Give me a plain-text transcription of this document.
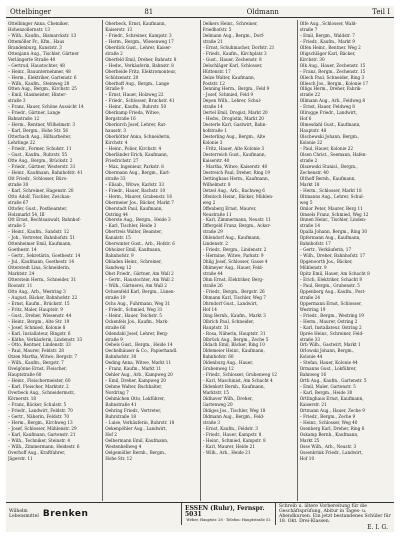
Ottelbinger	81	Oldmann	Teil I

Ottelbinger Anna, Chemiker,

Hohenzollernstr. 13

– Wilh., Kaufm., Bismarckstr. 13

Ottemöller Fr., Kfm., Haus

Brandenburg, Kunststr. 3

Ottenjann Aug., Tischler, Gärtner

Verlängerte Straße 40

– Gertrud, Haustochter, 48

– Heinr., Bauunternehmer, 48

– Herm., Elektriker, Gartenstr. 6

– Wilh., Kaufm., Steinweg 28

Otten Aug., Bergm., Kirchstr. 25

– Emil, Glasmeister, Hinter-

straße 3

– Franz, Hauer, Schöne Aussicht 14

– Friedr., Gärtner, Lange

Bahnstraße 12

– Herm., Rentner, Wilhelmstr. 3

– Karl, Bergm., Hohe Str. 56

Otterbach Aug., Hilfsarbeiter,

Lehrlinge 22

– Friedr., Former, Schulstr. 11

– Gust., Kaufm., Ruhrstr. 55

Otte Aug., Bergm., Brückstr. 2

– Friedr., Gärtner, Westerstr. 31

– Heinr., Kaufmann, Bahnhofstr. 41

Ott Friedr., Schlosser, Büro-

straße 30

– Karl, Schreiner, Hagenstr. 20

Otto Adolf, Tischler, Zwickau-

straße 67

Ottofer, Gust., Postbeamter,

Holzmarkt 54, III

Ott Ernst, Rechtsanwalt, Bahnhof-

straße 5

– Heinr., Kaufm., Sandstr. 12

– Joh., Vertreter, Bahnhofstr. 51

Ottenheimer Emil, Kaufmann,

Goethestr. 14

– Gertr., Sekretärin, Goethestr. 14

– Jul., Kaufmann, Goethestr. 14

Otterstedt Lina, Schneiderin,

Marktstr. 24

Otterstein Herm., Schneider, 31

Roonstr. 11

Otto Aug., Arb., Westring 3

– August, Bäcker, Bahnhofstr. 22

– Ernst, Kaufm., Brückstr. 15

– Fritz, Maler, Hauptstr. 9

– Gust., Dreher, Wiesenstr. 44

– Heinr., Bergm., Alte Str. 19

– Josef, Schmied, Kolonie 8

– Karl, Installateur, Ringstr. 6

– Käthe, Verkäuferin, Lindenstr. 33

– Otto, Rentner, Lindenstr. 33

– Paul, Maurer, Feldstr. 28

Otzen Martha, Witwe, Bergstr. 7

– Wilh., Kaufm., Bergstr. 7

Ovelgönne Ernst, Fleischer,

Hauptstraße 60

– Heinr., Fleischermeister, 60

– Karl, Fleischer, Marktstr. 2

Overbeck Aug., Schneidermstr.,

Körnerstr. 18

– Franz, Bäcker, Schulstr. 5

– Friedr., Landwirt, Feldstr. 70

– Gertr., Näherin, Feldstr. 70

– Herm., Bergm., Kirchweg 13

– Josef, Schlosser, Mühlenstr. 29

– Karl, Kaufmann, Gartenstr. 21

– Wilh., Techniker, Steinstr. 4

– Wilh., Zimmermann, Heidestr. 6

Overhoff Aug., Kraftfahrer,

Jägerstr. 11

Oberbeck, Ernst, Kaufmann,

Kaiserstr. 13

– Friedr., Schreiner, Kampstr. 3

– Herm., Bergm., Wiesenweg 17

Oberdick Gust., Lehrer, Kaiser-

straße 2

Oberfeld Emil, Dreher, Bahnstr. 8

– Hedw., Verkäuferin, Bahnstr. 8

Oberheide Fritz, Elektromonteur,

Schützenstr. 20

Oberhoff Aug., Bergm., Lange

Straße 9

– Ernst, Hauer, Holzweg 22

– Friedr., Schlosser, Bruchstr. 41

– Heinr., Kaufm., Ruhrstr. 50

Oberkamp Frieda, Witwe,

Bergstraße 16

Oberkirch Josef, Lehrer, Rat-

hausstr. 3

Oberkötter Anna, Schneiderin,

Kirchstr. 4

– Heinr., Polier, Kirchstr. 4

Oberländer Erich, Kaufmann,

Friedrichstr. 27

– Max, Ingenieur, Parkstr. 8

Obermann Aug., Bergm., Karl-

straße 33

– Elisab., Witwe, Karlstr. 33

– Friedr., Hauer, Bachstr. 10

– Herm., Maurer, Grabenstr. 16

Obermeier Jos., Bäcker, Markt 7

Oberstadt Paul, Kaufmann,

Ostring 44

Oberste Aug., Bergm., Heide 3

– Karl, Tischler, Heide 3

Obertreis Walter, Beamter,

Kanalstr. 15

Oberwinter Gust., Arb., Hofstr. 6

Obholzer Emil, Kaufmann,

Bahnhofstr. 9

Obladen Heinr., Schreiner,

Sandweg 12

Obst Friedr., Gärtner, Am Wall 2

– Gertr., Haustochter, Am Wall 2

– Wilh., Gärtnerei, Am Wall 2

Ochsenfeld Karl, Bergm., Lünen-

straße 19

Ochs Aug., Fuhrmann, Weg 31

– Friedr., Schmied, Weg 31

– Heinr., Hauer, Teichstr. 5

Ockenfels Jos., Kaufm., Mark-

straße 66

Odendahl Josef, Lehrer, Berg-

straße 9

Oebels Gust., Bergm., Heide 14

Oechelhäuser & Co., Papierhandl.

Bahnhofstr. 30

Oeding Anna, Witwe, Markt 11

– Franz, Kaufm., Markt 11

Oehler Aug., Arb., Kampweg 20

– Emil, Dreher, Kampweg 20

Oehme Walter, Buchhalter,

Nordring 7

Oehmichen Otto, Lokführer,

Bahnstraße 41

Oehring Friedr., Vertreter,

Ruhrstraße 18

– Luise, Verkäuferin, Ruhrstr. 18

Oekenpöhler Aug., Landwirt,

Hof 2

Oelbermann Emil, Kaufmann,

Westenhellweg 4

Oelgemöller Bernh., Bergm.,

Hohe Str. 12

Oelkers Heinr., Schreiner,

Friedhofstr. 5

Oelmann Aug., Bergm., Dorf-

straße 21

– Ernst, Schuhmacher, Dorfstr. 21

– Friedr., Kaufm., Kirchplatz 3

– Gust., Hauer, Zechenstr. 8

Oelschläger Karl, Schlosser,

Hüttenstr. 17

Oelze Walter, Kaufmann,

Poststr. 12

Oenning Herm., Bergm., Feld 9

– Josef, Schmied, Feld 9

Oepen Wilh., Lehrer, Schul-

straße 14

Oertel Emil, Drogist, Markt 20

– Hedw., Drogistin, Markt 20

Oesterle Karl, Gastwirt, Bahn-

hofstraße 1

Oesterling Aug., Bergm., Alte

Kolonie 3

– Fritz, Hauer, Alte Kolonie 3

Oesterreich Gust., Kaufmann,

Kaiserstr. 40

– Martha, Witwe, Kaiserstr. 40

Oestreich Paul, Dreher, Ring 19

Oettinghaus Herm., Kaufmann,

Wilhelmstr. 8

Oetzel Aug., Arb., Bachweg 6

Ofenloch Heinr., Bäcker, Mühlen-

weg 2

Offenberg Ernst, Maurer,

Neustraße 11

– Karl, Zimmermann, Neustr. 11

Offergeld Franz, Bergm., Acker-

straße 29

Ohlendorf Aug., Kaufmann,

Lindenstr. 2

– Friedr., Bergm., Lindenstr. 2

– Hermine, Witwe, Parkstr. 9

Ohlig Josef, Schlosser, Gasse 4

Ohlmeyer Aug., Hauer, Feld-

straße 44

Ohm Ernst, Elektriker, Berg-

straße 26

– Friedr., Bergm., Bergstr. 26

Ohmann Karl, Tischler, Weg 7

Ohrndorf Gust., Landwirt,

Hof 14

Oing Bernh., Kaufm., Markt 3

Olbrich Paul, Schneider,

Hauptstr. 31

– Rosa, Näherin, Hauptstr. 31

Olbrück Aug., Bergm., Zeche 5

Oldach Emil, Bäcker, Ring 10

Oldemeier Heinr., Kaufmann,

Bahnhofstr. 60

Oldenburg Aug., Hauer,

Grubenweg 12

– Friedr., Schlosser, Grubenweg 12

– Karl, Maschinist, Am Schacht 4

Oldenkott Bernh., Kaufmann,

Marktstr. 15

Oldhaver Wilh., Dreher,

Gartenweg 20

Oldiges Jos., Tischler, Weg 18

Oldmann Aug., Bergm., Feld-

straße 3

– Ernst, Kaufm., Feldstr. 3

– Friedr., Hauer, Kampstr. 8

– Heinr., Schmied, Kampstr. 8

– Karl, Maurer, Heide 21

– Wilh., Arb., Heide 21

Olfe Aug., Schlosser, Wald-

straße 7

– Emil, Bergm., Waldstr. 7

– Friedr., Kaufm., Markt 9

Olfen Heinr., Rentner, Weg 2

Oligschläger Karl, Bäcker,

Kirchstr. 30

Olk Aug., Hauer, Zechenstr. 15

– Franz, Bergm., Zechenstr. 15

Ollech Paul, Schneider, Ring 3

Ollesch Jos., Bergm., Kolonie 17

Olligs Herm., Dreher, Fabrik-

straße 22

Ollmann Aug., Arb., Feldweg 8

– Ernst, Hauer, Feldweg 8

Ollrogge Friedr., Landwirt,

Hof 6

Olmesdahl Gust., Kaufmann,

Hauptstr. 48

Olschewski Johann, Bergm.,

Kolonie 22

– Paul, Hauer, Kolonie 22

Olsen Christ., Seemann, Hafen-

straße 2

Olszewski Stanisl., Bergm.,

Zechenstr. 40

Olthoff Bernh., Kaufmann,

Markt 18

– Herm., Schlosser, Markt 18

Oltmanns Aug., Lehrer, Schul-

weg 5

Omlor Peter, Maurer, Berg 11

Omsels Franz, Schmied, Weg 12

Onnen Heinr., Tischler, Linden-

straße 14

Opalla Johann, Bergm., Ring 30

Opfermann Aug., Kaufmann,

Bahnhofstr. 17

– Gertr., Verkäuferin, 17

– Wilh., Dreher, Bahnhofstr. 17

Opgenoorth Jos., Bäcker,

Mühlenstr. 9

Opitz Emil, Hauer, Am Schacht 8

– Erich, Elektriker, Schacht 8

– Paul, Bergm., Grubenstr. 5

Oppenberg Aug., Kaufm., Post-

straße 24

Oppermann Ernst, Schlosser,

Westring 19

– Friedr., Bergm., Westring 19

– Herm., Maurer, Ostring 2

– Karl, Installateur, Ostring 2

Oprée Heinr., Schreiner, Feld-

straße 33

Orb Wilh., Gastwirt, Markt 1

Orlowski Johann, Bergm.,

Kolonie 44

– Stefan, Hauer, Kolonie 44

Ormanns Gust., Lokführer,

Bahnweg 16

Orth Aug., Kaufm., Gartenstr. 5

– Emil, Maler, Gartenstr. 5

– Karl, Bergm., Heide 30

Ortlinghaus Ernst, Kaufmann,

Kaiserstr. 21

Ortmann Aug., Hauer, Zeche 9

– Friedr., Bergm., Zeche 9

– Heinr., Schlosser, Weg 40

Osenberg Karl, Dreher, Ring 6

Oskamp Bernh., Kaufmann,

Markt 25

Osse Wilh., Arb., Neustr. 3

Ossenbrink Friedr., Landwirt,

Hof 10

Wilhelm
Lebensmittel Brenken
ESSEN (Ruhr), Fernspr. 5031
Weber, Hauptstr. 28 · Telefon: Hauptstraße 52
Schreib u. ältere Vorbereitung für die Geschäftsprüfung, Abitur in Tages- u.
Abendkursen. Ein jetzt bestandenes Schüler für 18. Okt. Drei-Klassen.
E. I. G.
